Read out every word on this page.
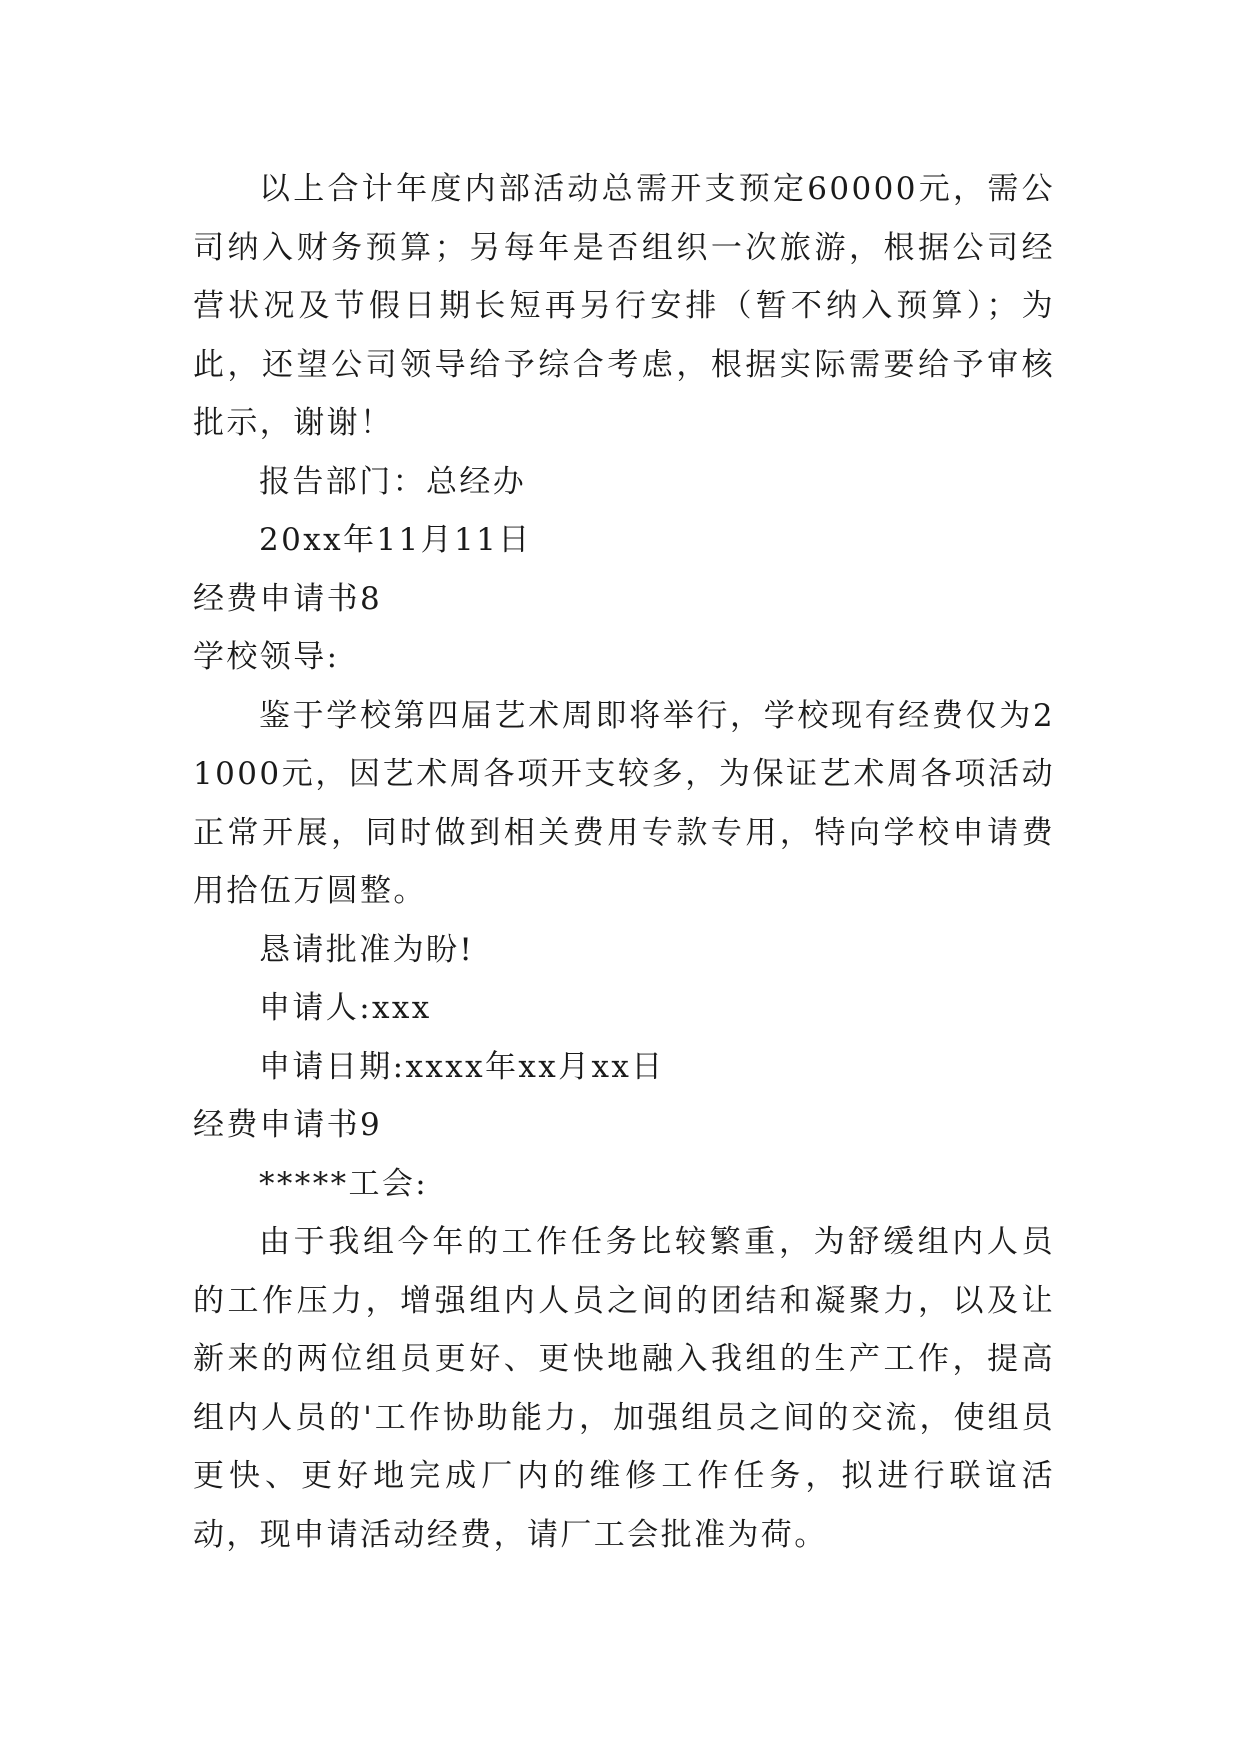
以上合计年度内部活动总需开支预定60000元，需公司纳入财务预算；另每年是否组织一次旅游，根据公司经营状况及节假日期长短再另行安排（暂不纳入预算）；为此，还望公司领导给予综合考虑，根据实际需要给予审核批示，谢谢！

报告部门：总经办

20xx年11月11日

经费申请书8

学校领导:

鉴于学校第四届艺术周即将举行，学校现有经费仅为21000元，因艺术周各项开支较多，为保证艺术周各项活动正常开展，同时做到相关费用专款专用，特向学校申请费用拾伍万圆整。

恳请批准为盼!

申请人:xxx

申请日期:xxxx年xx月xx日

经费申请书9

*****工会:

由于我组今年的工作任务比较繁重，为舒缓组内人员的工作压力，增强组内人员之间的团结和凝聚力，以及让新来的两位组员更好、更快地融入我组的生产工作，提高组内人员的'工作协助能力，加强组员之间的交流，使组员更快、更好地完成厂内的维修工作任务，拟进行联谊活动，现申请活动经费，请厂工会批准为荷。
